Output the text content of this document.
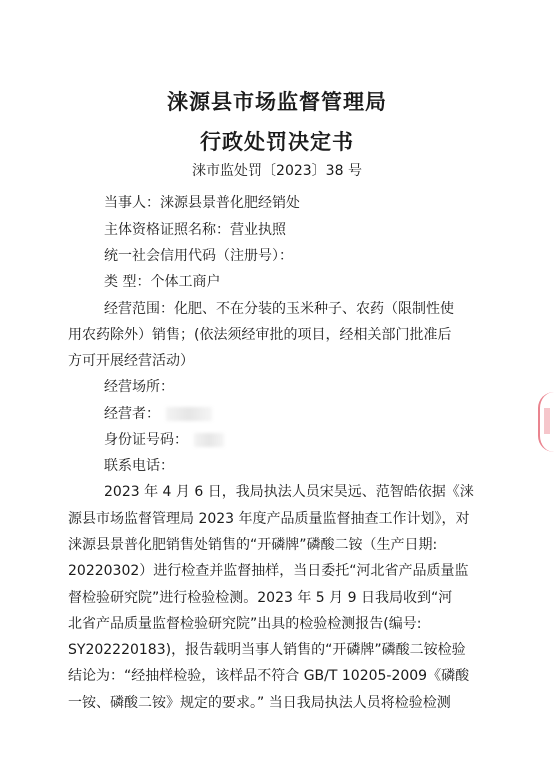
涞源县市场监督管理局
行政处罚决定书
涞市监处罚〔2023〕38 号
当事人：涞源县景普化肥经销处
主体资格证照名称：营业执照
统一社会信用代码（注册号）：
类 型：个体工商户
经营范围：化肥、不在分装的玉米种子、农药（限制性使
用农药除外）销售；(依法须经审批的项目，经相关部门批准后
方可开展经营活动）
经营场所：
经营者：
身份证号码：
联系电话：
2023 年 4 月 6 日，我局执法人员宋昊远、范智皓依据《涞
源县市场监督管理局 2023 年度产品质量监督抽查工作计划》，对
涞源县景普化肥销售处销售的“开磷牌”磷酸二铵（生产日期:
20220302）进行检查并监督抽样，当日委托“河北省产品质量监
督检验研究院”进行检验检测。2023 年 5 月 9 日我局收到“河
北省产品质量监督检验研究院”出具的检验检测报告(编号:
SY202220183)，报告载明当事人销售的“开磷牌”磷酸二铵检验
结论为：“经抽样检验，该样品不符合 GB/T 10205-2009《磷酸
一铵、磷酸二铵》规定的要求。” 当日我局执法人员将检验检测
